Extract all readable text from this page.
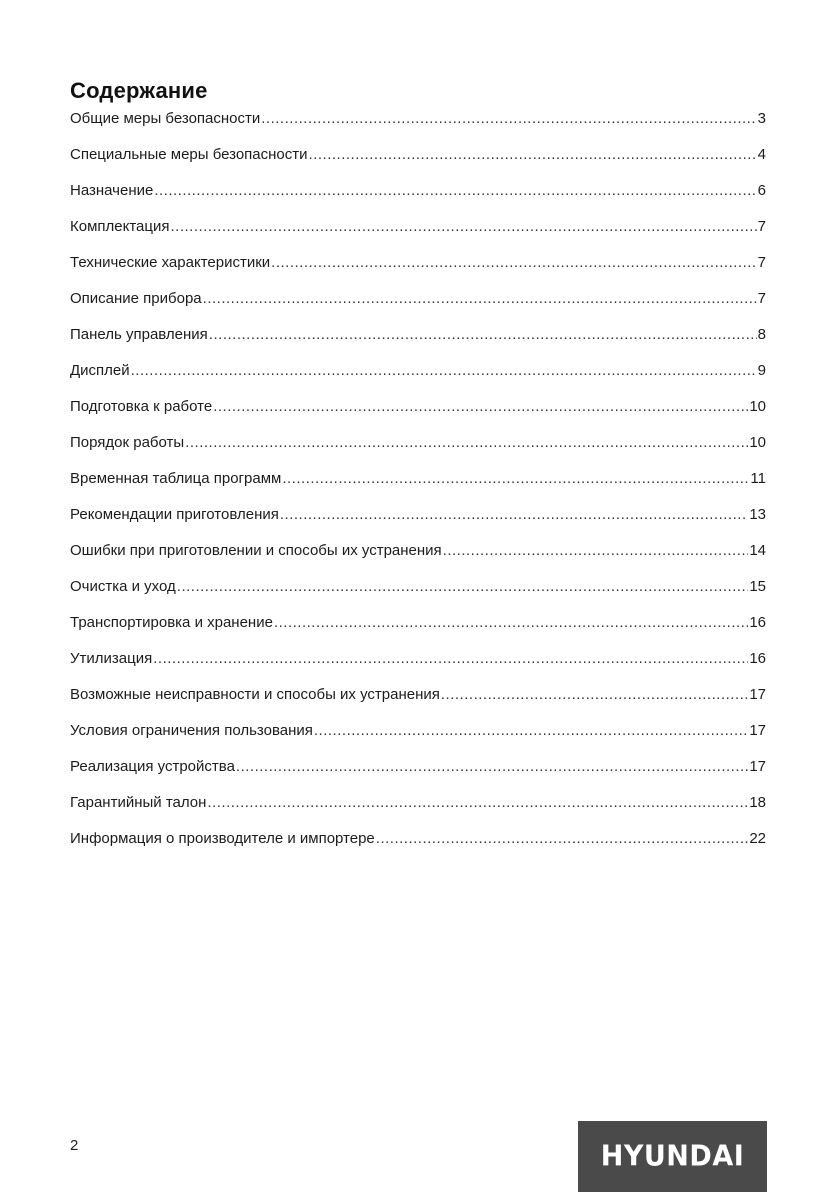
Содержание
Общие меры безопасности .....	3
Специальные меры безопасности .....	4
Назначение .....	6
Комплектация .....	7
Технические характеристики .....	7
Описание прибора .....	7
Панель управления .....	8
Дисплей .....	9
Подготовка к работе .....	10
Порядок работы .....	10
Временная таблица программ .....	11
Рекомендации приготовления .....	13
Ошибки при приготовлении и способы их устранения .....	14
Очистка и уход .....	15
Транспортировка и хранение .....	16
Утилизация .....	16
Возможные неисправности и способы их устранения .....	17
Условия ограничения пользования .....	17
Реализация устройства .....	17
Гарантийный талон .....	18
Информация о производителе и импортере .....	22
2	HYUNDAI
